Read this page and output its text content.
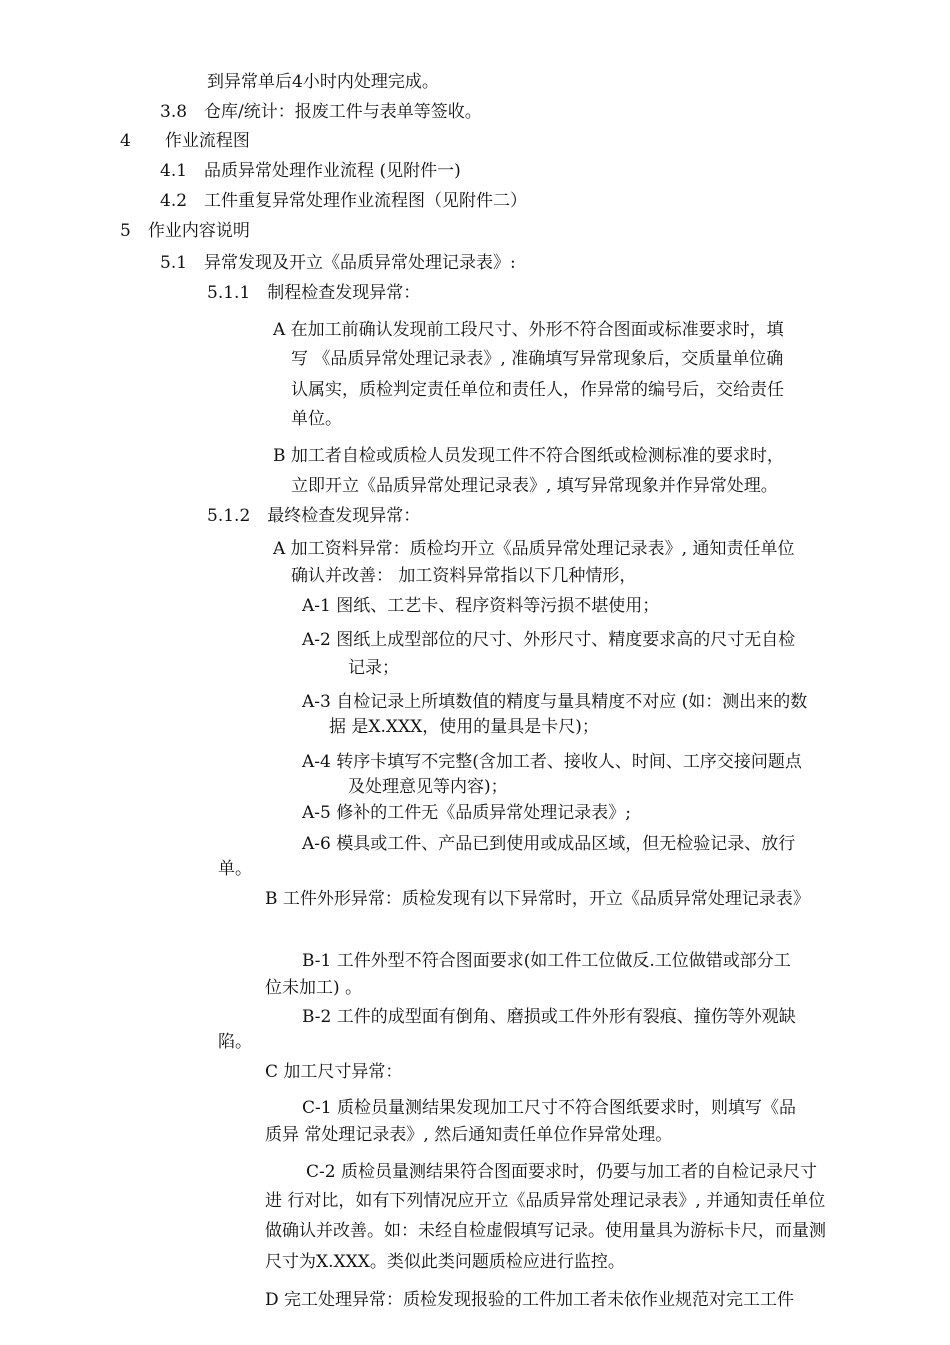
到异常单后4小时内处理完成。

3.8　仓库/统计：报废工件与表单等签收。

4　　作业流程图

4.1　品质异常处理作业流程 (见附件一)

4.2　工件重复异常处理作业流程图（见附件二）

5　作业内容说明

5.1　异常发现及开立《品质异常处理记录表》:

5.1.1　制程检查发现异常：

A 在加工前确认发现前工段尺寸、外形不符合图面或标准要求时，填

写 《品质异常处理记录表》, 准确填写异常现象后，交质量单位确

认属实，质检判定责任单位和责任人，作异常的编号后，交给责任

单位。

B 加工者自检或质检人员发现工件不符合图纸或检测标准的要求时，

立即开立《品质异常处理记录表》, 填写异常现象并作异常处理。

5.1.2　最终检查发现异常：

A 加工资料异常：质检均开立《品质异常处理记录表》, 通知责任单位

确认并改善： 加工资料异常指以下几种情形，

A-1 图纸、工艺卡、程序资料等污损不堪使用；

A-2 图纸上成型部位的尺寸、外形尺寸、精度要求高的尺寸无自检

记录；

A-3 自检记录上所填数值的精度与量具精度不对应 (如：测出来的数

据 是X.XXX，使用的量具是卡尺)；

A-4 转序卡填写不完整(含加工者、接收人、时间、工序交接问题点

及处理意见等内容)；

A-5 修补的工件无《品质异常处理记录表》;

A-6 模具或工件、产品已到使用或成品区域，但无检验记录、放行

单。

B 工件外形异常：质检发现有以下异常时，开立《品质异常处理记录表》

B-1 工件外型不符合图面要求(如工件工位做反.工位做错或部分工

位未加工) 。

B-2 工件的成型面有倒角、磨损或工件外形有裂痕、撞伤等外观缺

陷。

C 加工尺寸异常：

C-1 质检员量测结果发现加工尺寸不符合图纸要求时，则填写《品

质异 常处理记录表》, 然后通知责任单位作异常处理。

C-2 质检员量测结果符合图面要求时，仍要与加工者的自检记录尺寸

进 行对比，如有下列情况应开立《品质异常处理记录表》, 并通知责任单位

做确认并改善。如：未经自检虚假填写记录。使用量具为游标卡尺，而量测

尺寸为X.XXX。类似此类问题质检应进行监控。

D 完工处理异常：质检发现报验的工件加工者未依作业规范对完工工件
